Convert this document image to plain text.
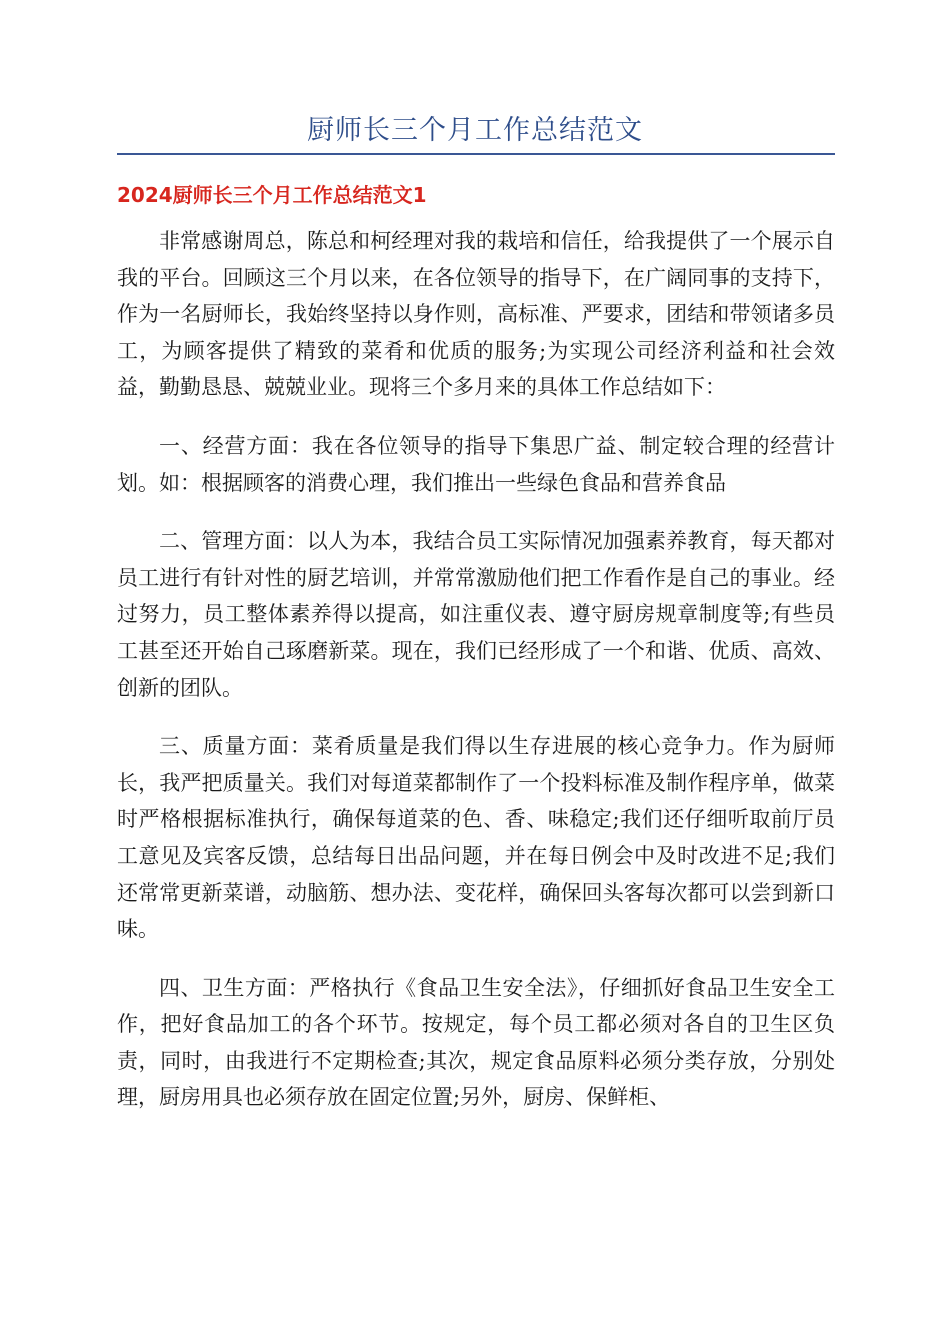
厨师长三个月工作总结范文
2024厨师长三个月工作总结范文1

非常感谢周总，陈总和柯经理对我的栽培和信任，给我提供了一个展示自我的平台。回顾这三个月以来，在各位领导的指导下，在广阔同事的支持下，作为一名厨师长，我始终坚持以身作则，高标准、严要求，团结和带领诸多员工，为顾客提供了精致的菜肴和优质的服务;为实现公司经济利益和社会效益，勤勤恳恳、兢兢业业。现将三个多月来的具体工作总结如下：

一、经营方面：我在各位领导的指导下集思广益、制定较合理的经营计划。如：根据顾客的消费心理，我们推出一些绿色食品和营养食品

二、管理方面：以人为本，我结合员工实际情况加强素养教育，每天都对员工进行有针对性的厨艺培训，并常常激励他们把工作看作是自己的事业。经过努力，员工整体素养得以提高，如注重仪表、遵守厨房规章制度等;有些员工甚至还开始自己琢磨新菜。现在，我们已经形成了一个和谐、优质、高效、创新的团队。

三、质量方面：菜肴质量是我们得以生存进展的核心竞争力。作为厨师长，我严把质量关。我们对每道菜都制作了一个投料标准及制作程序单，做菜时严格根据标准执行，确保每道菜的色、香、味稳定;我们还仔细听取前厅员工意见及宾客反馈，总结每日出品问题，并在每日例会中及时改进不足;我们还常常更新菜谱，动脑筋、想办法、变花样，确保回头客每次都可以尝到新口味。

四、卫生方面：严格执行《食品卫生安全法》，仔细抓好食品卫生安全工作，把好食品加工的各个环节。按规定，每个员工都必须对各自的卫生区负责，同时，由我进行不定期检查;其次，规定食品原料必须分类存放，分别处理，厨房用具也必须存放在固定位置;另外，厨房、保鲜柜、
